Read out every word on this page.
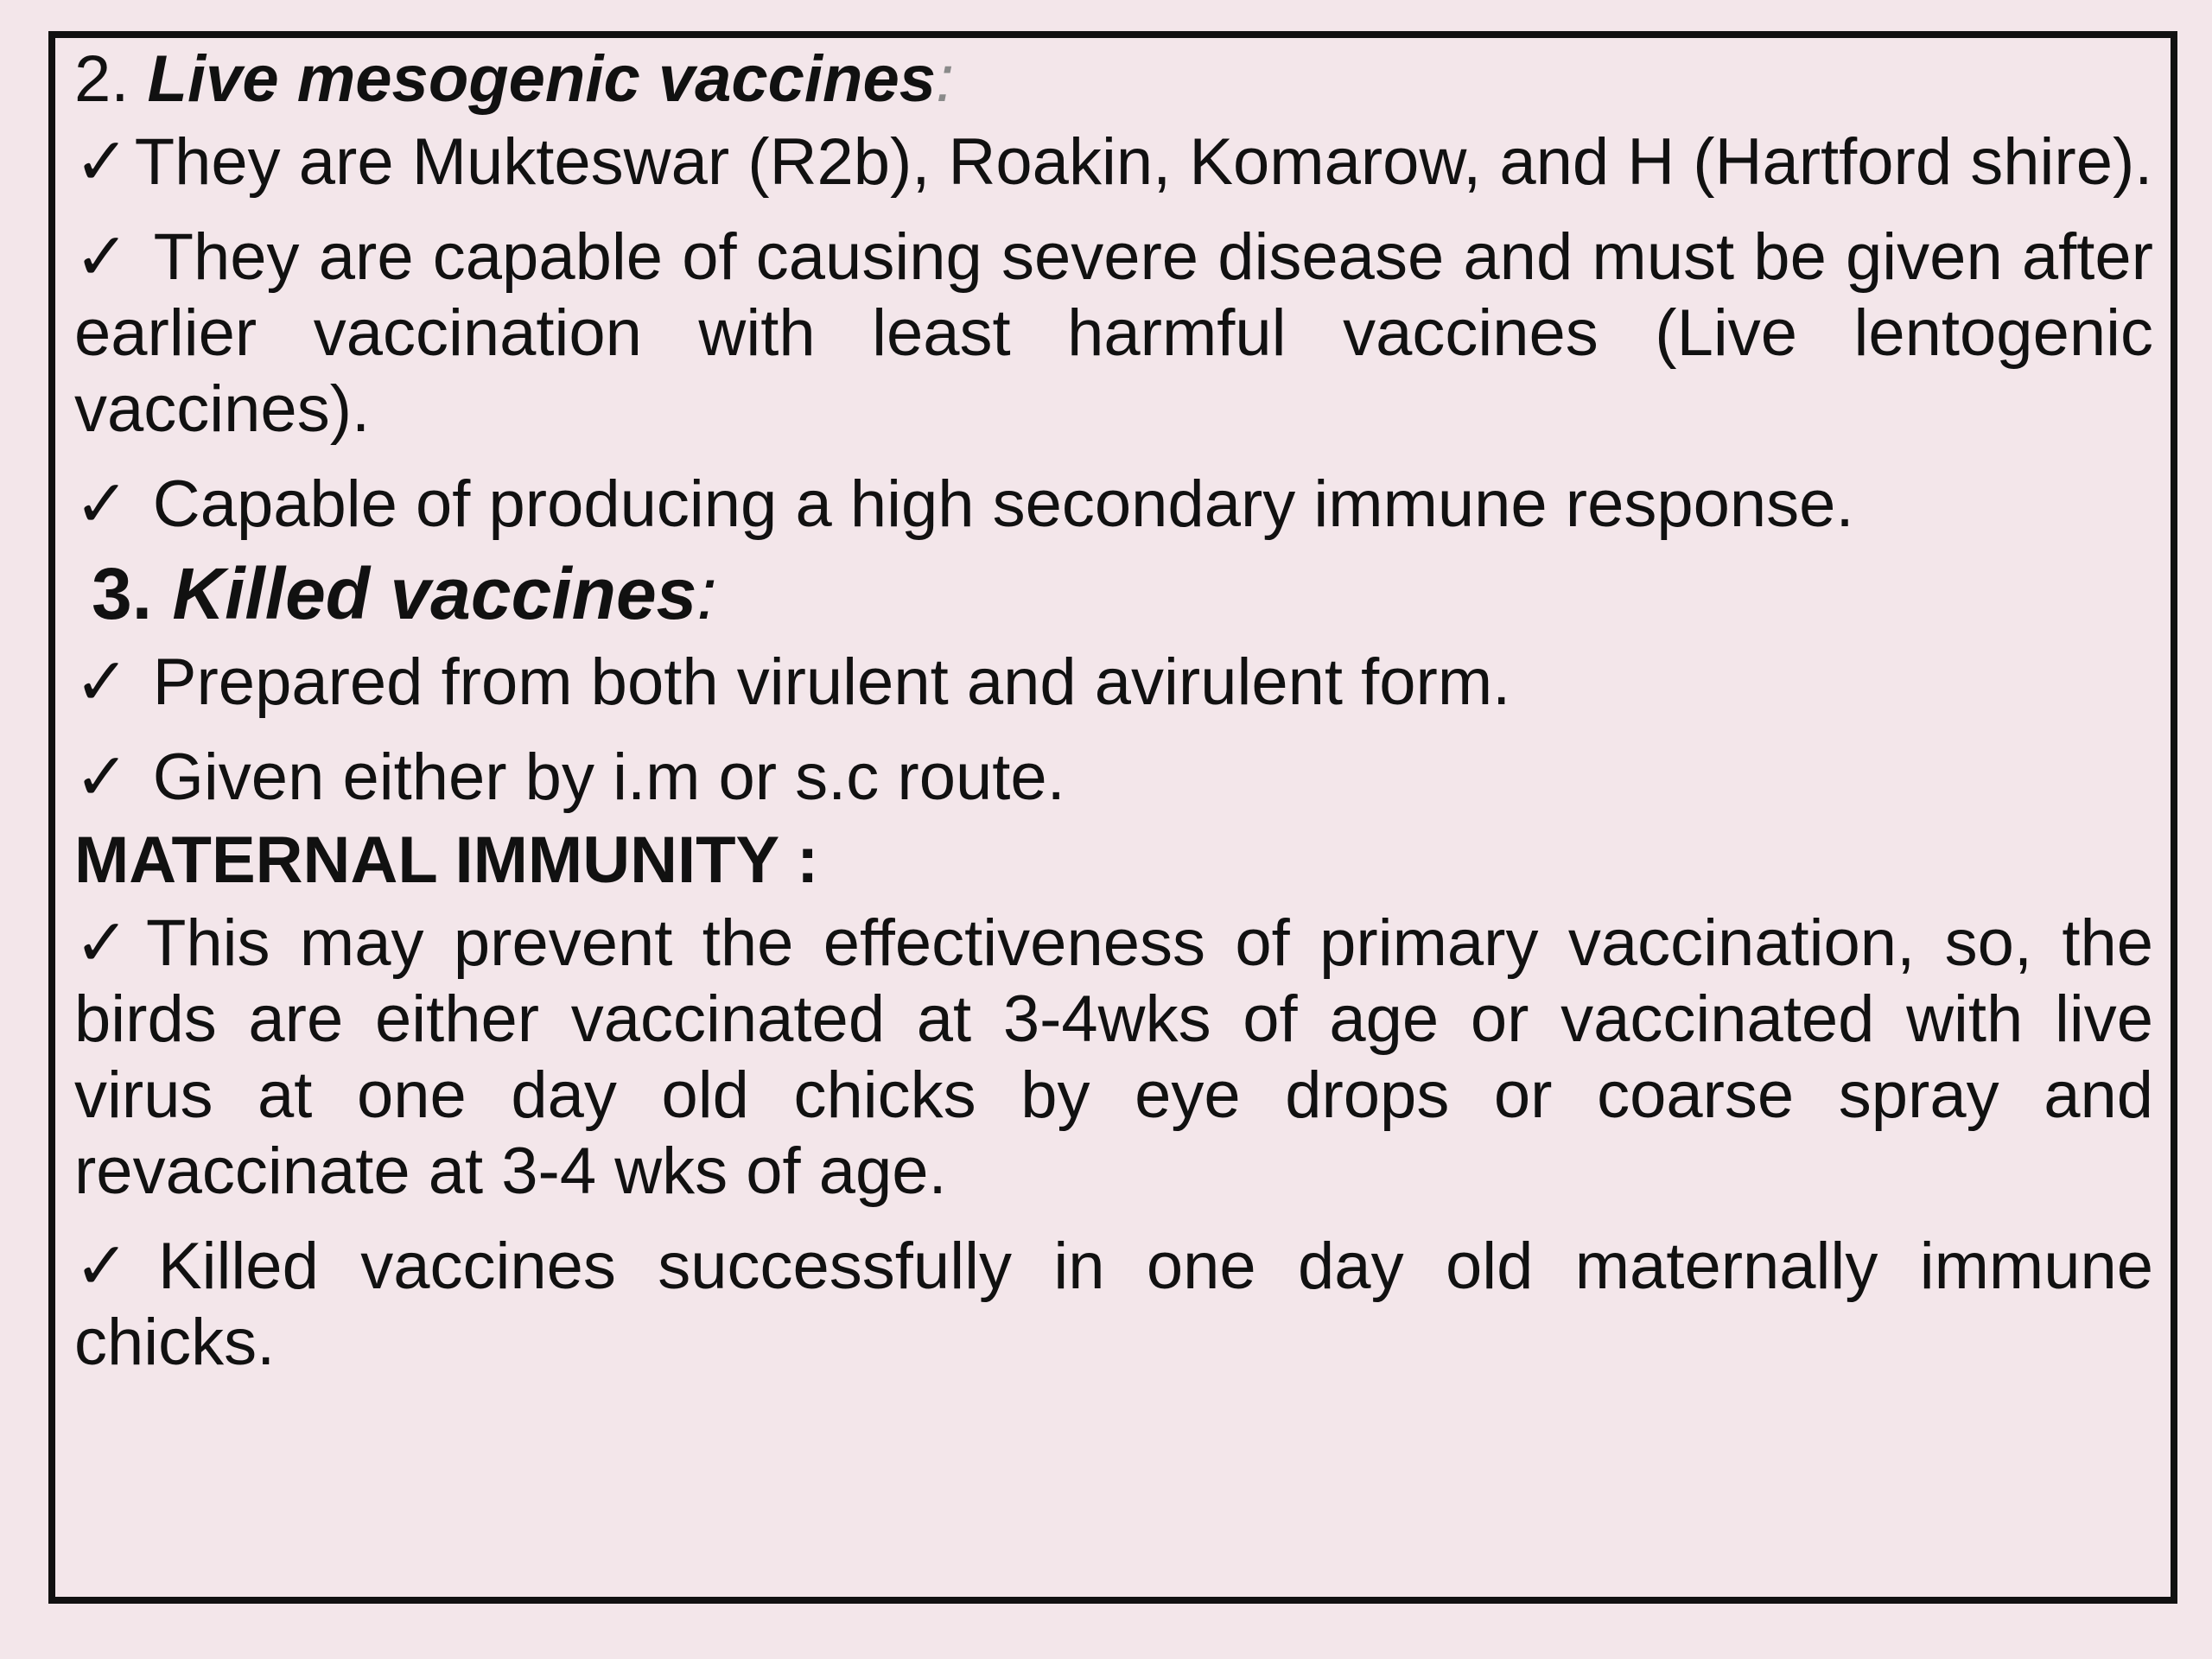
2. Live mesogenic vaccines:

✓They are Mukteswar (R2b), Roakin, Komarow, and H (Hartford shire).

✓ They are capable of causing severe disease and must be given after earlier vaccination with least harmful vaccines (Live lentogenic vaccines).

✓ Capable of producing a high secondary immune response.

3. Killed vaccines:

✓ Prepared from both virulent and avirulent form.

✓ Given either by i.m or s.c route.

MATERNAL IMMUNITY :

✓This may prevent the effectiveness of primary vaccination, so, the birds are either vaccinated at 3-4wks of age or vaccinated with live virus at one day old chicks by eye drops or coarse spray and revaccinate at 3-4 wks of age.

✓Killed vaccines successfully in one day old maternally immune chicks.
